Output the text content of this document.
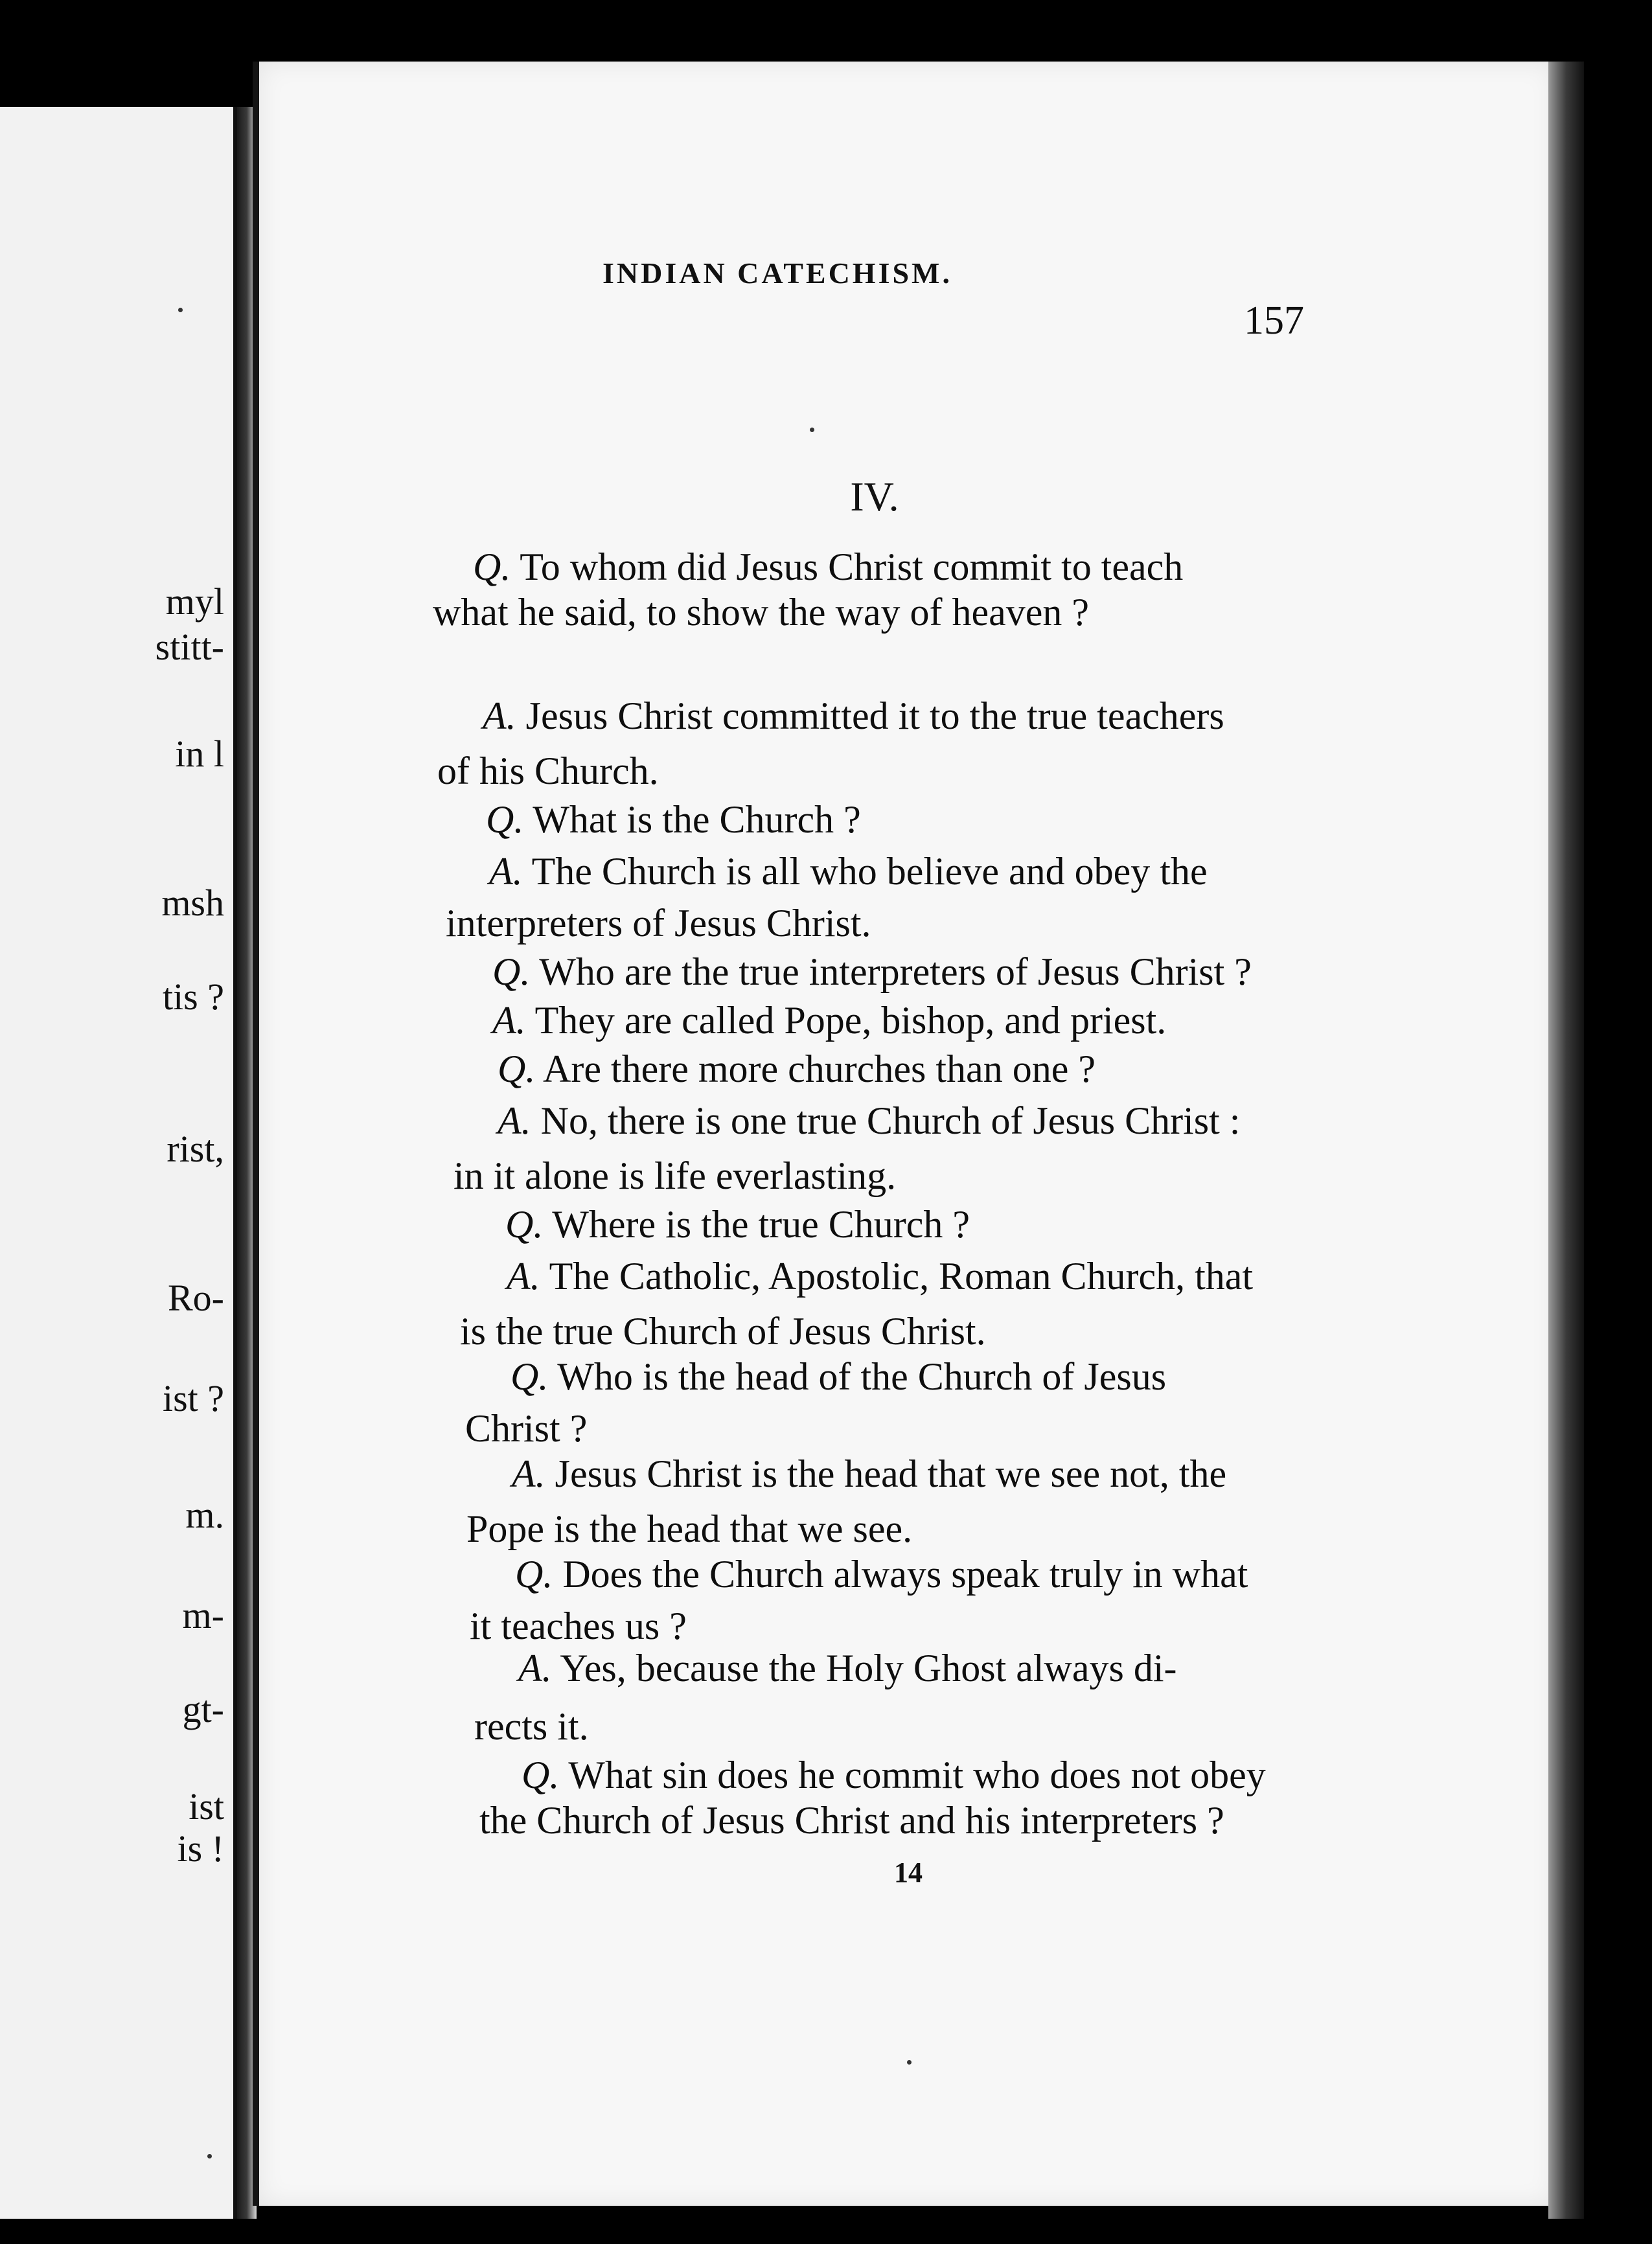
myl
stitt-
in l
msh
tis ?
rist,
Ro-
ist ?
m.
m-
gt-
ist
is !
INDIAN CATECHISM.
157
IV.
Q. To whom did Jesus Christ commit to teach
what he said, to show the way of heaven ?
A. Jesus Christ committed it to the true teachers
of his Church.
Q. What is the Church ?
A. The Church is all who believe and obey the
interpreters of Jesus Christ.
Q. Who are the true interpreters of Jesus Christ ?
A. They are called Pope, bishop, and priest.
Q. Are there more churches than one ?
A. No, there is one true Church of Jesus Christ :
in it alone is life everlasting.
Q. Where is the true Church ?
A. The Catholic, Apostolic, Roman Church, that
is the true Church of Jesus Christ.
Q. Who is the head of the Church of Jesus
Christ ?
A. Jesus Christ is the head that we see not, the
Pope is the head that we see.
Q. Does the Church always speak truly in what
it teaches us ?
A. Yes, because the Holy Ghost always di-
rects it.
Q. What sin does he commit who does not obey
the Church of Jesus Christ and his interpreters ?
14
